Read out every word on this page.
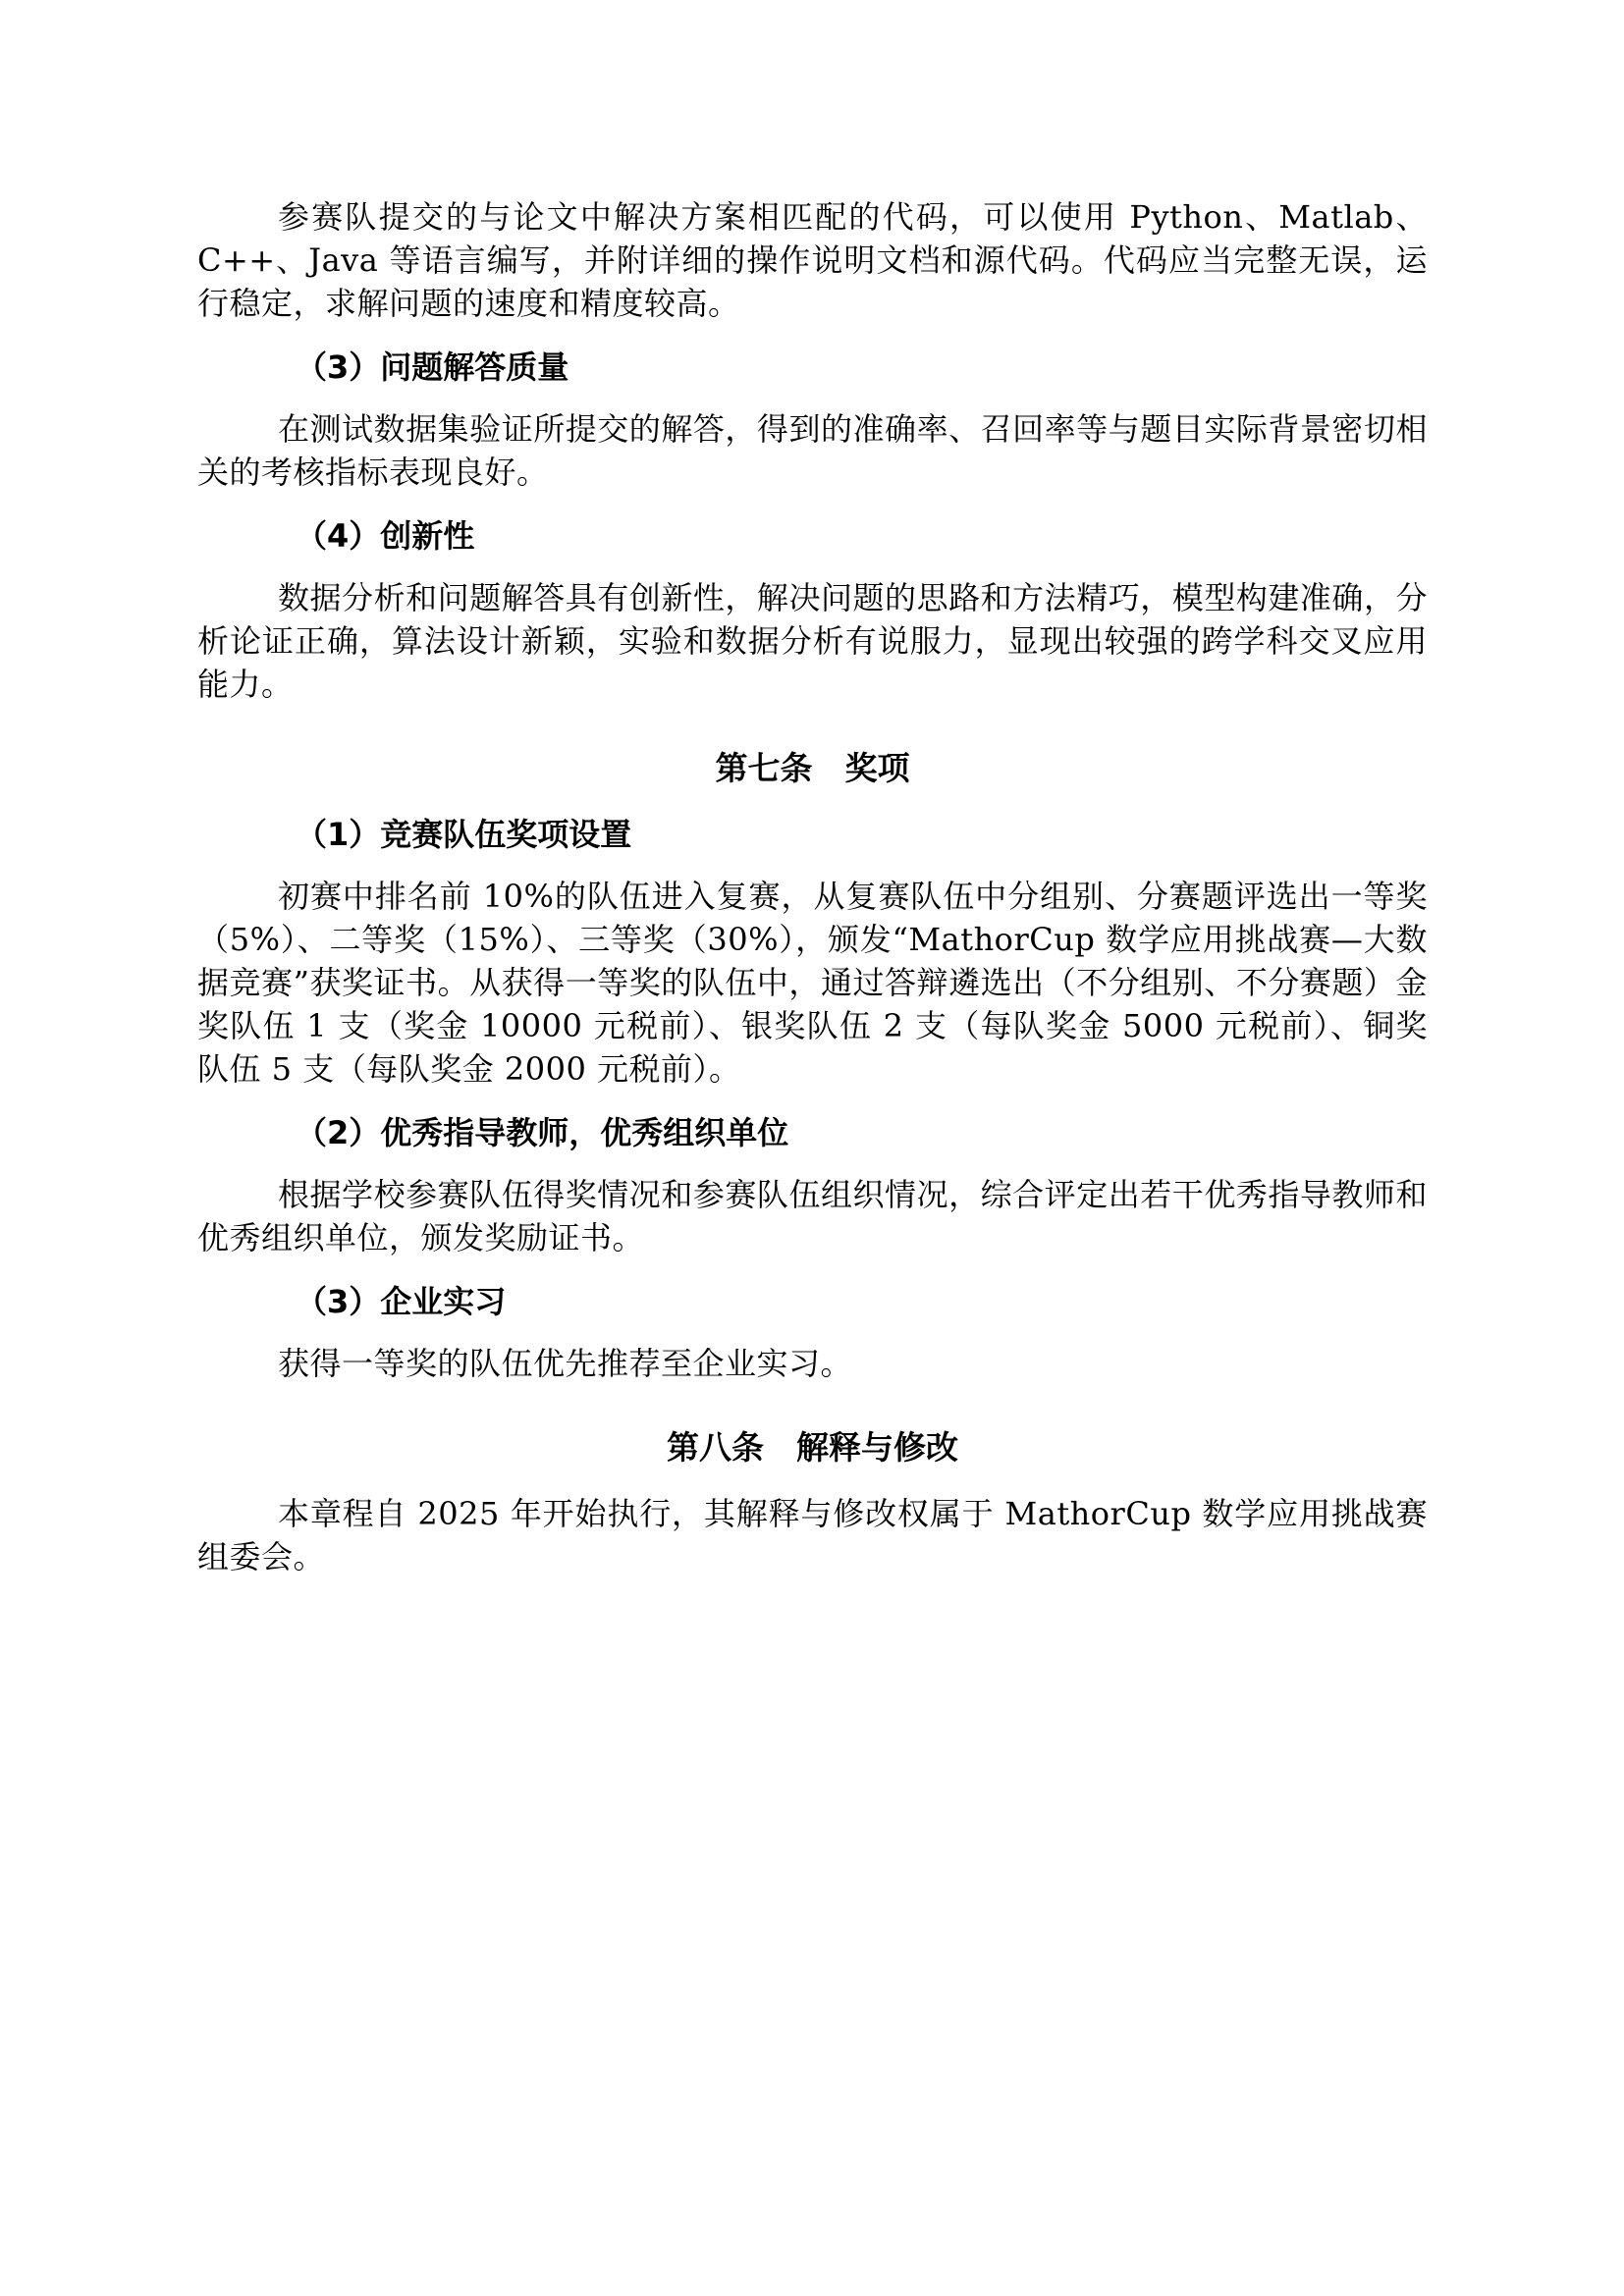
参赛队提交的与论文中解决方案相匹配的代码，可以使用 Python、Matlab、C++、Java 等语言编写，并附详细的操作说明文档和源代码。代码应当完整无误，运行稳定，求解问题的速度和精度较高。

（3）问题解答质量

在测试数据集验证所提交的解答，得到的准确率、召回率等与题目实际背景密切相关的考核指标表现良好。

（4）创新性

数据分析和问题解答具有创新性，解决问题的思路和方法精巧，模型构建准确，分析论证正确，算法设计新颖，实验和数据分析有说服力，显现出较强的跨学科交叉应用能力。

第七条　奖项
（1）竞赛队伍奖项设置

初赛中排名前 10%的队伍进入复赛，从复赛队伍中分组别、分赛题评选出一等奖（5%）、二等奖（15%）、三等奖（30%），颁发“MathorCup 数学应用挑战赛—大数据竞赛”获奖证书。从获得一等奖的队伍中，通过答辩遴选出（不分组别、不分赛题）金奖队伍 1 支（奖金 10000 元税前）、银奖队伍 2 支（每队奖金 5000 元税前）、铜奖队伍 5 支（每队奖金 2000 元税前）。

（2）优秀指导教师，优秀组织单位

根据学校参赛队伍得奖情况和参赛队伍组织情况，综合评定出若干优秀指导教师和优秀组织单位，颁发奖励证书。

（3）企业实习

获得一等奖的队伍优先推荐至企业实习。

第八条　解释与修改

本章程自 2025 年开始执行，其解释与修改权属于 MathorCup 数学应用挑战赛组委会。
